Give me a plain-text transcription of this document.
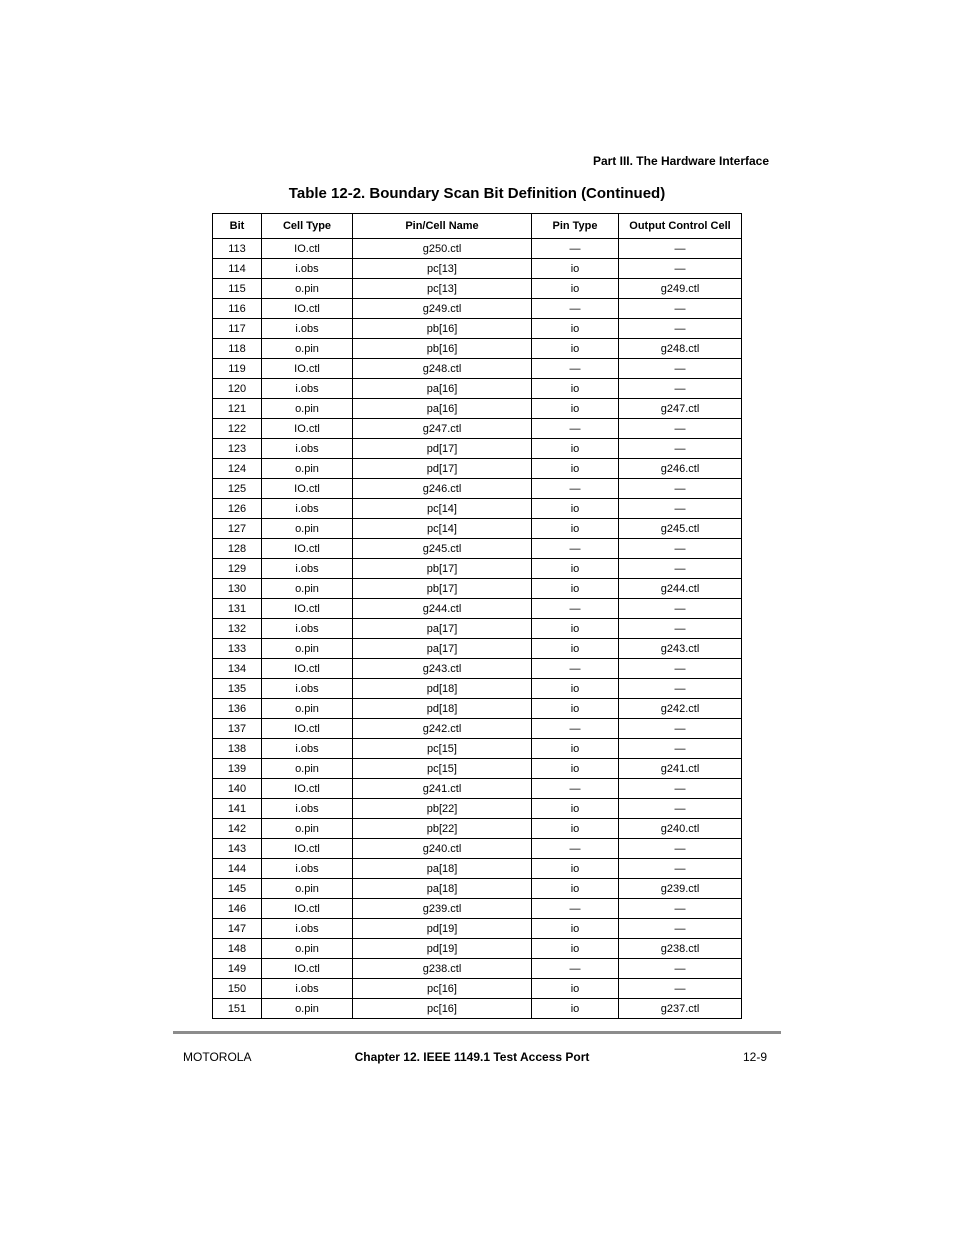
Part III. The Hardware Interface
Table 12-2. Boundary Scan Bit Definition (Continued)
Bit	Cell Type	Pin/Cell Name	Pin Type	Output Control Cell
113	IO.ctl	g250.ctl	—	—
114	i.obs	pc[13]	io	—
115	o.pin	pc[13]	io	g249.ctl
116	IO.ctl	g249.ctl	—	—
117	i.obs	pb[16]	io	—
118	o.pin	pb[16]	io	g248.ctl
119	IO.ctl	g248.ctl	—	—
120	i.obs	pa[16]	io	—
121	o.pin	pa[16]	io	g247.ctl
122	IO.ctl	g247.ctl	—	—
123	i.obs	pd[17]	io	—
124	o.pin	pd[17]	io	g246.ctl
125	IO.ctl	g246.ctl	—	—
126	i.obs	pc[14]	io	—
127	o.pin	pc[14]	io	g245.ctl
128	IO.ctl	g245.ctl	—	—
129	i.obs	pb[17]	io	—
130	o.pin	pb[17]	io	g244.ctl
131	IO.ctl	g244.ctl	—	—
132	i.obs	pa[17]	io	—
133	o.pin	pa[17]	io	g243.ctl
134	IO.ctl	g243.ctl	—	—
135	i.obs	pd[18]	io	—
136	o.pin	pd[18]	io	g242.ctl
137	IO.ctl	g242.ctl	—	—
138	i.obs	pc[15]	io	—
139	o.pin	pc[15]	io	g241.ctl
140	IO.ctl	g241.ctl	—	—
141	i.obs	pb[22]	io	—
142	o.pin	pb[22]	io	g240.ctl
143	IO.ctl	g240.ctl	—	—
144	i.obs	pa[18]	io	—
145	o.pin	pa[18]	io	g239.ctl
146	IO.ctl	g239.ctl	—	—
147	i.obs	pd[19]	io	—
148	o.pin	pd[19]	io	g238.ctl
149	IO.ctl	g238.ctl	—	—
150	i.obs	pc[16]	io	—
151	o.pin	pc[16]	io	g237.ctl
MOTOROLA	Chapter 12. IEEE 1149.1 Test Access Port	12-9
